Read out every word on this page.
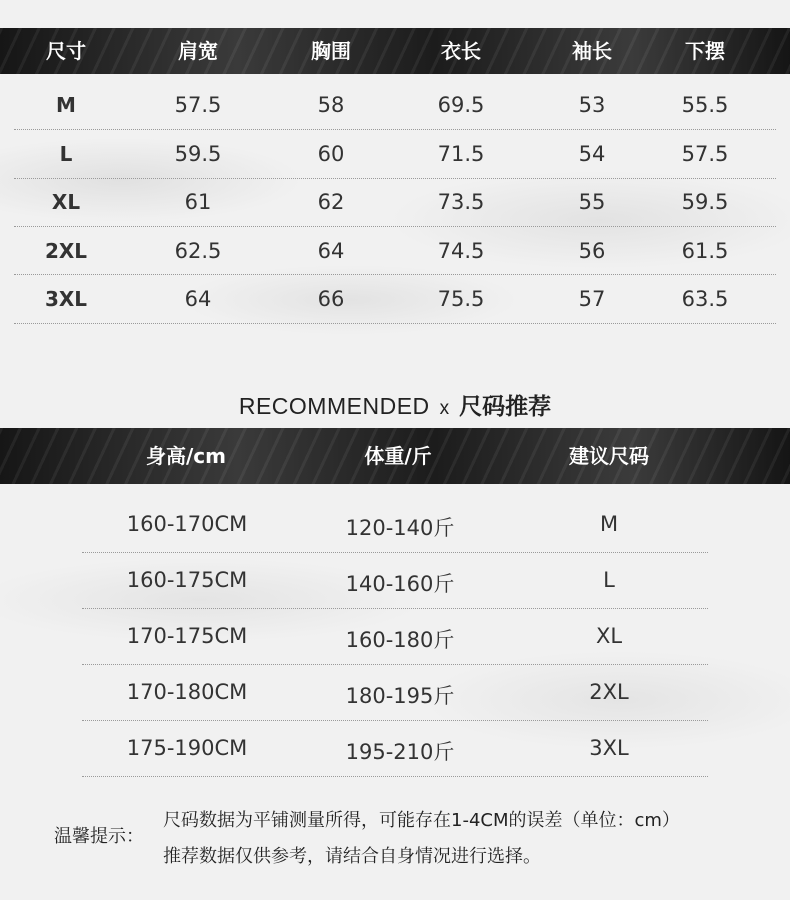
尺寸	肩宽	胸围	衣长	袖长	下摆
M	57.5	58	69.5	53	55.5
L	59.5	60	71.5	54	57.5
XL	61	62	73.5	55	59.5
2XL	62.5	64	74.5	56	61.5
3XL	64	66	75.5	57	63.5
RECOMMENDED x 尺码推荐
身高/cm	体重/斤	建议尺码
160-170CM	120-140斤	M
160-175CM	140-160斤	L
170-175CM	160-180斤	XL
170-180CM	180-195斤	2XL
175-190CM	195-210斤	3XL
温馨提示：
尺码数据为平铺测量所得，可能存在1-4CM的误差（单位：cm）
推荐数据仅供参考，请结合自身情况进行选择。
